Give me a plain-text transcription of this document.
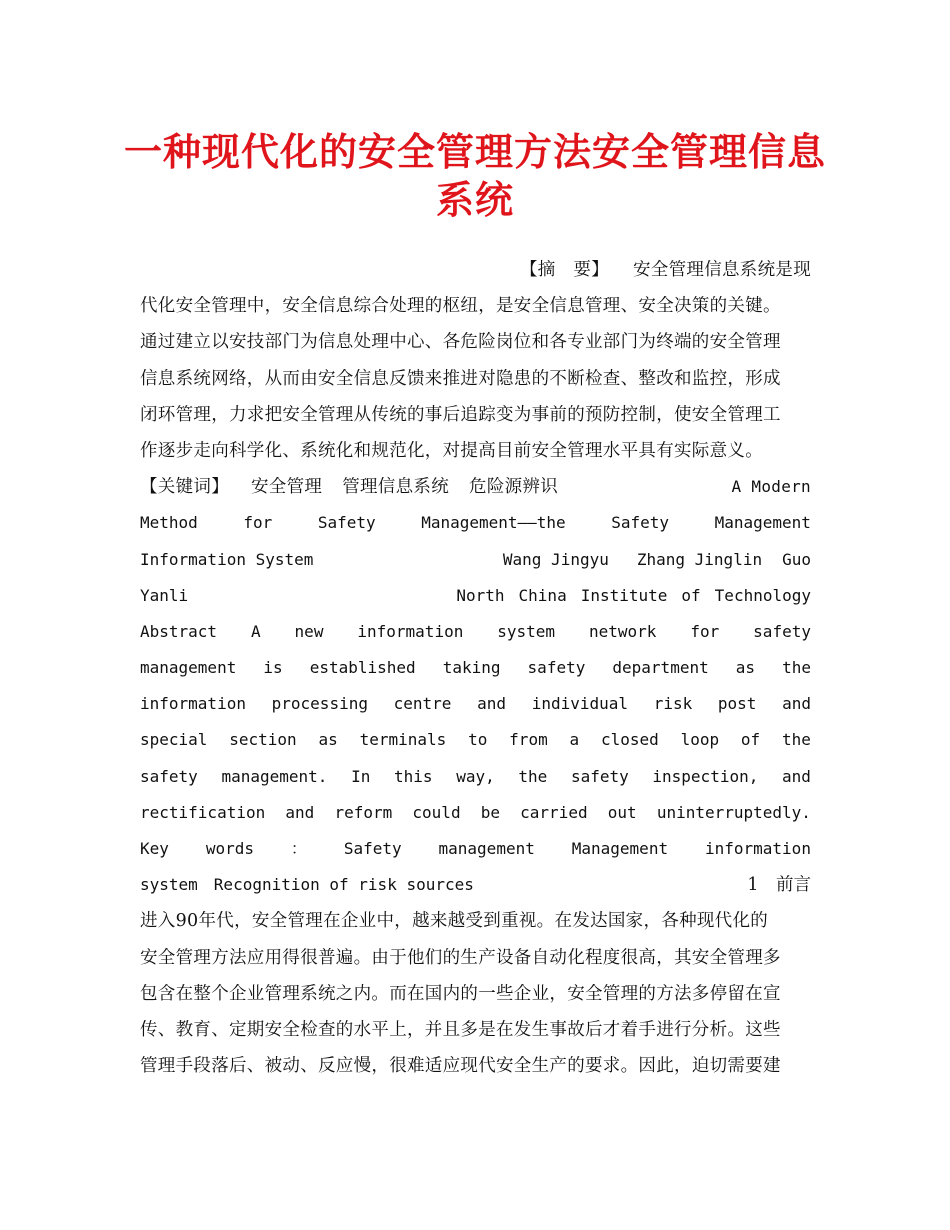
一种现代化的安全管理方法安全管理信息系统
【摘　要】 安全管理信息系统是现
代化安全管理中，安全信息综合处理的枢纽，是安全信息管理、安全决策的关键。
通过建立以安技部门为信息处理中心、各危险岗位和各专业部门为终端的安全管理
信息系统网络，从而由安全信息反馈来推进对隐患的不断检查、整改和监控，形成
闭环管理，力求把安全管理从传统的事后追踪变为事前的预防控制，使安全管理工
作逐步走向科学化、系统化和规范化，对提高目前安全管理水平具有实际意义。
【关键词】 安全管理 管理信息系统 危险源辨识	A Modern
Method	for	Safety	Management——the	Safety	Management
Information System	Wang Jingyu Zhang Jinglin Guo
Yanli	North China Institute of Technology
Abstract A new information system network for safety
management is established taking safety department as the
information processing centre and individual risk post and
special section as terminals to from a closed loop of the
safety management. In this way, the safety inspection, and
rectification and reform could be carried out uninterruptedly.
Key words ： Safety management Management information
system　Recognition of risk sources	1　前言
进入90年代，安全管理在企业中，越来越受到重视。在发达国家，各种现代化的
安全管理方法应用得很普遍。由于他们的生产设备自动化程度很高，其安全管理多
包含在整个企业管理系统之内。而在国内的一些企业，安全管理的方法多停留在宣
传、教育、定期安全检查的水平上，并且多是在发生事故后才着手进行分析。这些
管理手段落后、被动、反应慢，很难适应现代安全生产的要求。因此，迫切需要建
